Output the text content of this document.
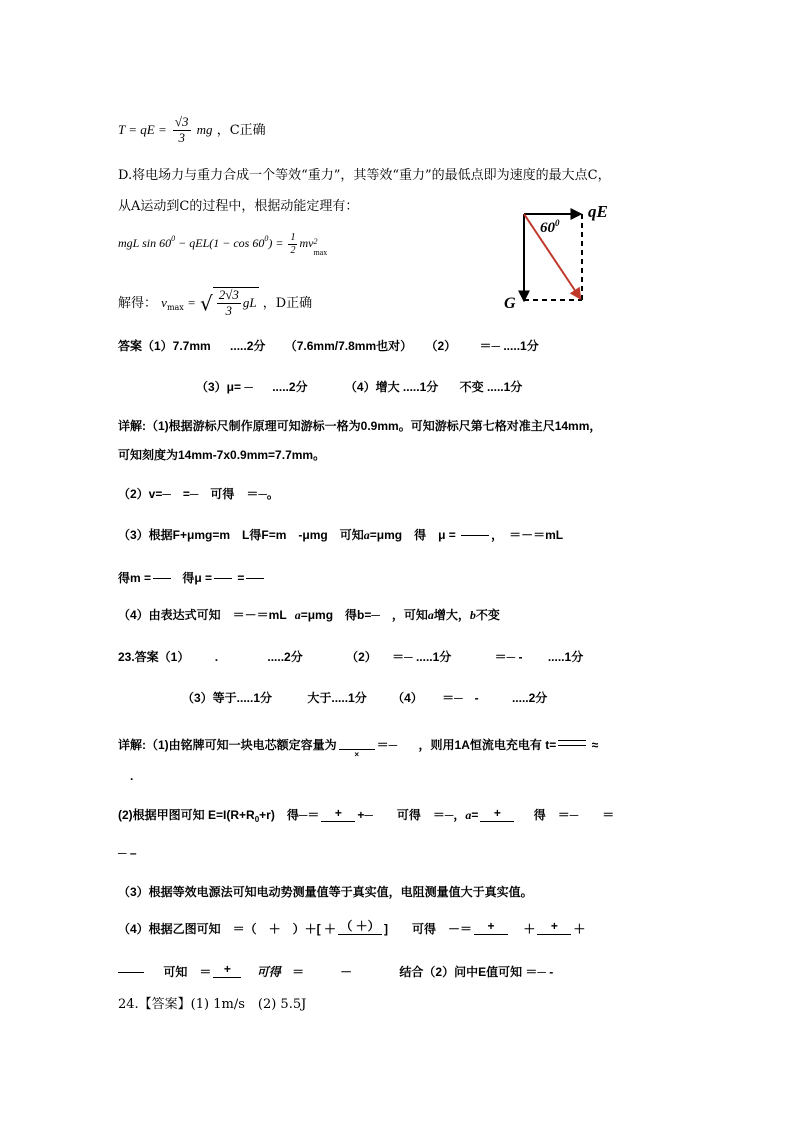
T = qE = $\frac{√3}{3}$ mg ，C正确
D.将电场力与重力合成一个等效“重力”，其等效“重力”的最低点即为速度的最大点C，
从A运动到C的过程中，根据动能定理有：
mgL $\sin 60^0 - qEL(1 - \cos 60^0) = \frac{1}{2}$ mv 2
max
解得： $v_{max}$ = √ $\frac{2√3}{3}$ gL ，D正确
$60^0$
qE
G
答案（1）7.7mm .....2分 （7.6mm/7.8mm也对） （2） ＝─ .....1分
（3）μ= ─ .....2分	（4）增大 .....1分 不变 .....1分
详解:（1)根据游标尺制作原理可知游标一格为0.9mm。可知游标尺第七格对准主尺14mm，
可知刻度为14mm-7x0.9mm=7.7mm。
（2）v=─　=─　可得　＝─。
（3）根据F+μmg=m　L得F=m　-μmg　可知a=μmg　得　μ =	，　＝－＝mL
得m =	得μ = =
（4）由表达式可知　＝－＝mL a=μmg　得b=─　，可知a增大，b不变
23.答案（1） .	.....2分	（2） ＝─ .....1分	＝─ - .....1分
（3）等于.....1分	大于.....1分 （4） ＝─　-	.....2分
详解:（1)由铭牌可知一块电芯额定容量为
×
＝─ ，则用1A恒流电充电有 t=	≈
.
(2)根据甲图可知 $E=I(R+R_0+r)$　得─＝	+	+─　　可得　＝─，a=	+	得　＝─　　＝
─ –
（3）根据等效电源法可知电动势测量值等于真实值，电阻测量值大于真实值。
（4）根据乙图可知　＝（　＋　）＋[ ＋ （ ＋） ]　　可得　－＝	+	＋	+	＋
可知　＝	+	可得 ＝　　　－	结合（2）问中E值可知 ＝─ -
24.【答案】(1) 1m/s　(2) 5.5J
